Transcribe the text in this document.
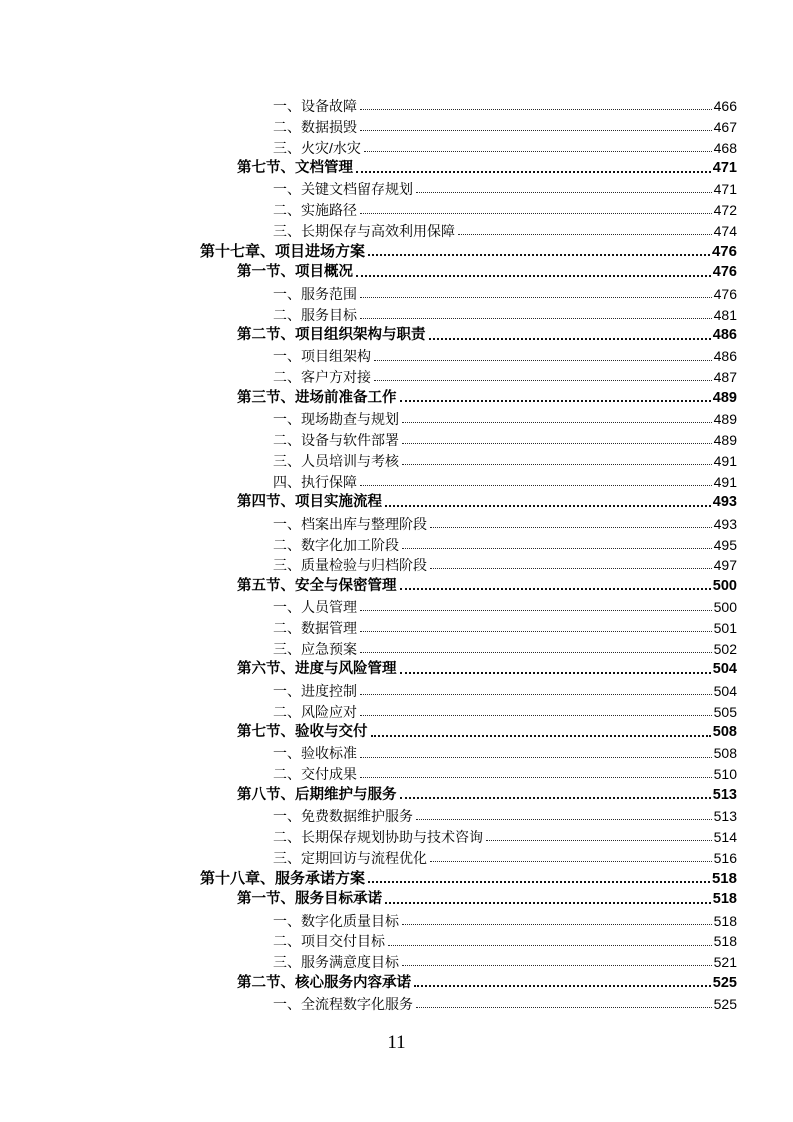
一、设备故障	466
二、数据损毁	467
三、火灾/水灾	468
第七节、文档管理	471
一、关键文档留存规划	471
二、实施路径	472
三、长期保存与高效利用保障	474
第十七章、项目进场方案	476
第一节、项目概况	476
一、服务范围	476
二、服务目标	481
第二节、项目组织架构与职责	486
一、项目组架构	486
二、客户方对接	487
第三节、进场前准备工作	489
一、现场勘查与规划	489
二、设备与软件部署	489
三、人员培训与考核	491
四、执行保障	491
第四节、项目实施流程	493
一、档案出库与整理阶段	493
二、数字化加工阶段	495
三、质量检验与归档阶段	497
第五节、安全与保密管理	500
一、人员管理	500
二、数据管理	501
三、应急预案	502
第六节、进度与风险管理	504
一、进度控制	504
二、风险应对	505
第七节、验收与交付	508
一、验收标准	508
二、交付成果	510
第八节、后期维护与服务	513
一、免费数据维护服务	513
二、长期保存规划协助与技术咨询	514
三、定期回访与流程优化	516
第十八章、服务承诺方案	518
第一节、服务目标承诺	518
一、数字化质量目标	518
二、项目交付目标	518
三、服务满意度目标	521
第二节、核心服务内容承诺	525
一、全流程数字化服务	525
11
